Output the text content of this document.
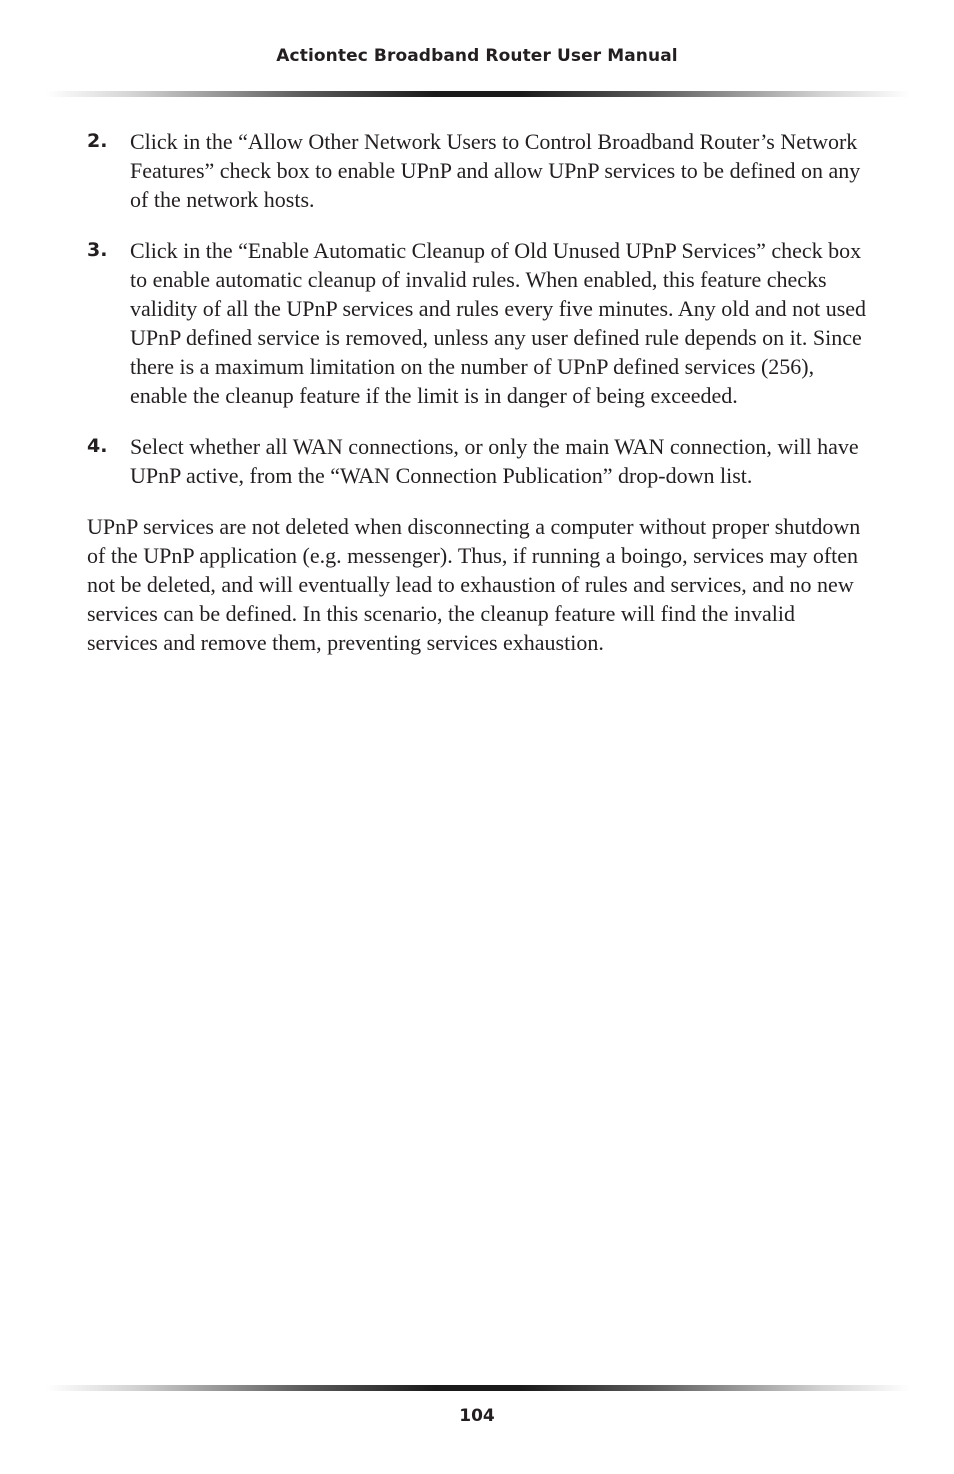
Actiontec Broadband Router User Manual
2. Click in the “Allow Other Network Users to Control Broadband Router’s Network Features” check box to enable UPnP and allow UPnP services to be defined on any of the network hosts.

3. Click in the “Enable Automatic Cleanup of Old Unused UPnP Services” check box to enable automatic cleanup of invalid rules. When enabled, this feature checks validity of all the UPnP services and rules every five minutes. Any old and not used UPnP defined service is removed, unless any user defined rule depends on it. Since there is a maximum limitation on the number of UPnP defined services (256), enable the cleanup feature if the limit is in danger of being exceeded.

4. Select whether all WAN connections, or only the main WAN connection, will have UPnP active, from the “WAN Connection Publication” drop-down list.

UPnP services are not deleted when disconnecting a computer without proper shutdown of the UPnP application (e.g. messenger). Thus, if running a boingo, services may often not be deleted, and will eventually lead to exhaustion of rules and services, and no new services can be defined. In this scenario, the cleanup feature will find the invalid services and remove them, preventing services exhaustion.

104
